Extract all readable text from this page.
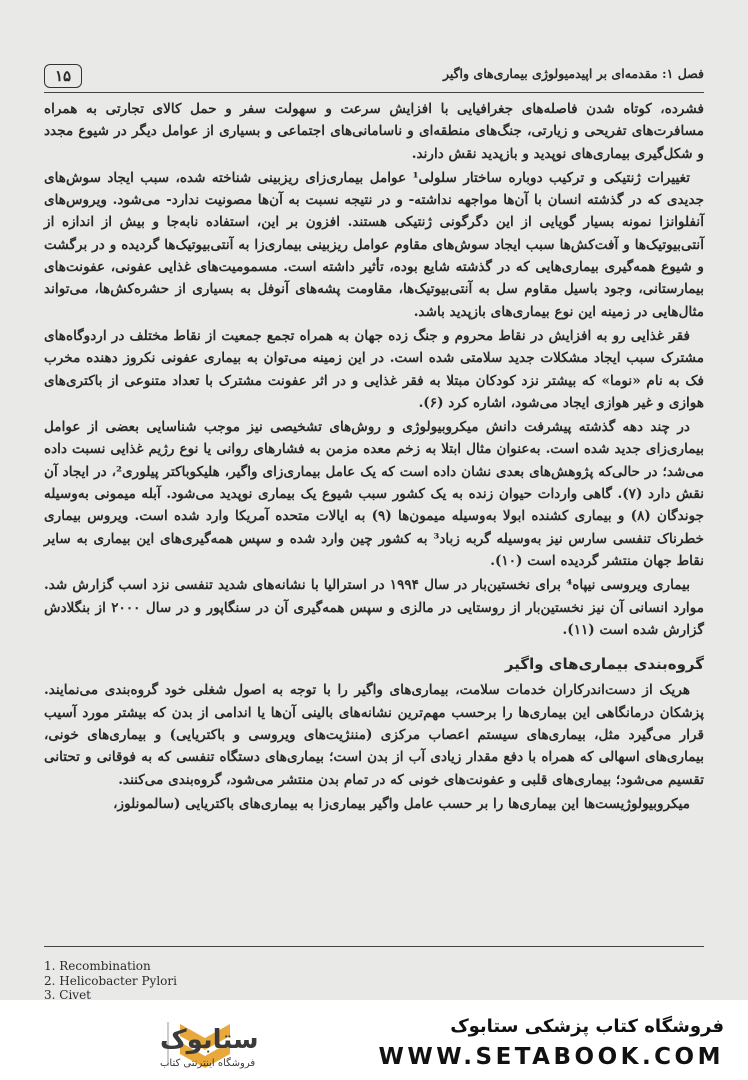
۱۵	فصل ۱: مقدمه‌ای بر اپیدمیولوژی بیماری‌های واگیر

فشرده، کوتاه شدن فاصله‌های جغرافیایی با افزایش سرعت و سهولت سفر و حمل کالای تجارتی به همراه مسافرت‌های تفریحی و زیارتی، جنگ‌های منطقه‌ای و ناسامانی‌های اجتماعی و بسیاری از عوامل دیگر در شیوع مجدد و شکل‌گیری بیماری‌های نوپدید و بازپدید نقش دارند.

تغییرات ژنتیکی و ترکیب دوباره ساختار سلولی¹ عوامل بیماری‌زای ریزبینی شناخته شده، سبب ایجاد سوش‌های جدیدی که در گذشته انسان با آن‌ها مواجهه نداشته- و در نتیجه نسبت به آن‌ها مصونیت ندارد- می‌شود. ویروس‌های آنفلوانزا نمونه بسیار گویایی از این دگرگونی ژنتیکی هستند. افزون بر این، استفاده نابه‌جا و بیش از اندازه از آنتی‌بیوتیک‌ها و آفت‌کش‌ها سبب ایجاد سوش‌های مقاوم عوامل ریزبینی بیماری‌زا به آنتی‌بیوتیک‌ها گردیده و در برگشت و شیوع همه‌گیری بیماری‌هایی که در گذشته شایع بوده، تأثیر داشته است. مسمومیت‌های غذایی عفونی، عفونت‌های بیمارستانی، وجود باسیل مقاوم سل به آنتی‌بیوتیک‌ها، مقاومت پشه‌های آنوفل به بسیاری از حشره‌کش‌ها، می‌تواند مثال‌هایی در زمینه این نوع بیماری‌های بازپدید باشد.

فقر غذایی رو به افزایش در نقاط محروم و جنگ زده جهان به همراه تجمع جمعیت از نقاط مختلف در اردوگاه‌های مشترک سبب ایجاد مشکلات جدید سلامتی شده است. در این زمینه می‌توان به بیماری عفونی نکروز دهنده مخرب فک به نام «نوما» که بیشتر نزد کودکان مبتلا به فقر غذایی و در اثر عفونت مشترک با تعداد متنوعی از باکتری‌های هوازی و غیر هوازی ایجاد می‌شود، اشاره کرد (۶).

در چند دهه گذشته پیشرفت دانش میکروبیولوژی و روش‌های تشخیصی نیز موجب شناسایی بعضی از عوامل بیماری‌زای جدید شده است. به‌عنوان مثال ابتلا به زخم معده مزمن به فشارهای روانی یا نوع رژیم غذایی نسبت داده می‌شد؛ در حالی‌که پژوهش‌های بعدی نشان داده است که یک عامل بیماری‌زای واگیر، هلیکوباکتر پیلوری²، در ایجاد آن نقش دارد (۷). گاهی واردات حیوان زنده به یک کشور سبب شیوع یک بیماری نوپدید می‌شود. آبله میمونی به‌وسیله جوندگان (۸) و بیماری کشنده ابولا به‌وسیله میمون‌ها (۹) به ایالات متحده آمریکا وارد شده است. ویروس بیماری خطرناک تنفسی سارس نیز به‌وسیله گربه زباد³ به کشور چین وارد شده و سپس همه‌گیری‌های این بیماری به سایر نقاط جهان منتشر گردیده است (۱۰).

بیماری ویروسی نیپاه⁴ برای نخستین‌بار در سال ۱۹۹۴ در استرالیا با نشانه‌های شدید تنفسی نزد اسب گزارش شد. موارد انسانی آن نیز نخستین‌بار از روستایی در مالزی و سپس همه‌گیری آن در سنگاپور و در سال ۲۰۰۰ از بنگلادش گزارش شده است (۱۱).

گروه‌بندی بیماری‌های واگیر

هریک از دست‌اندرکاران خدمات سلامت، بیماری‌های واگیر را با توجه به اصول شغلی خود گروه‌بندی می‌نمایند. پزشکان درمانگاهی این بیماری‌ها را برحسب مهم‌ترین نشانه‌های بالینی آن‌ها یا اندامی از بدن که بیشتر مورد آسیب قرار می‌گیرد مثل، بیماری‌های سیستم اعصاب مرکزی (مننژیت‌های ویروسی و باکتریایی) و بیماری‌های خونی، بیماری‌های اسهالی که همراه با دفع مقدار زیادی آب از بدن است؛ بیماری‌های دستگاه تنفسی که به فوقانی و تحتانی تقسیم می‌شود؛ بیماری‌های قلبی و عفونت‌های خونی که در تمام بدن منتشر می‌شود، گروه‌بندی می‌کنند.

میکروبیولوژیست‌ها این بیماری‌ها را بر حسب عامل واگیر بیماری‌زا به بیماری‌های باکتریایی (سالمونلوز،

1. Recombination
2. Helicobacter Pylori
3. Civet
ستابوک
فروشگاه اینترنتی کتاب
فروشگاه کتاب پزشکی ستابوک
WWW.SETABOOK.COM
